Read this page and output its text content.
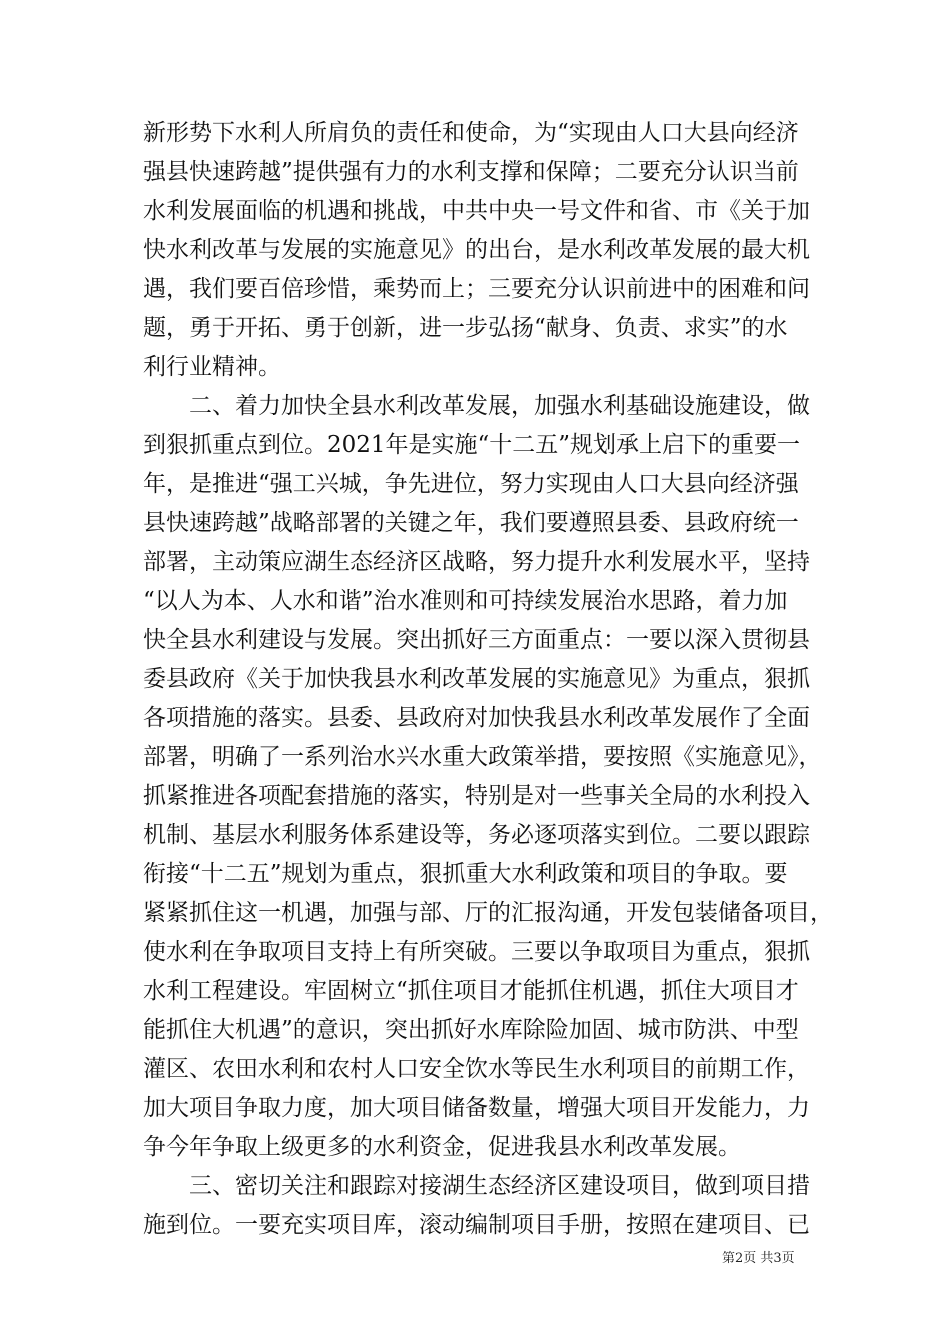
新形势下水利人所肩负的责任和使命，为“实现由人口大县向经济
强县快速跨越”提供强有力的水利支撑和保障；二要充分认识当前
水利发展面临的机遇和挑战，中共中央一号文件和省、市《关于加
快水利改革与发展的实施意见》的出台，是水利改革发展的最大机
遇，我们要百倍珍惜，乘势而上；三要充分认识前进中的困难和问
题，勇于开拓、勇于创新，进一步弘扬“献身、负责、求实”的水
利行业精神。
　　二、着力加快全县水利改革发展，加强水利基础设施建设，做
到狠抓重点到位。2021年是实施“十二五”规划承上启下的重要一
年，是推进“强工兴城，争先进位，努力实现由人口大县向经济强
县快速跨越”战略部署的关键之年，我们要遵照县委、县政府统一
部署，主动策应湖生态经济区战略，努力提升水利发展水平，坚持
“以人为本、人水和谐”治水准则和可持续发展治水思路，着力加
快全县水利建设与发展。突出抓好三方面重点：一要以深入贯彻县
委县政府《关于加快我县水利改革发展的实施意见》为重点，狠抓
各项措施的落实。县委、县政府对加快我县水利改革发展作了全面
部署，明确了一系列治水兴水重大政策举措，要按照《实施意见》，
抓紧推进各项配套措施的落实，特别是对一些事关全局的水利投入
机制、基层水利服务体系建设等，务必逐项落实到位。二要以跟踪
衔接“十二五”规划为重点，狠抓重大水利政策和项目的争取。要
紧紧抓住这一机遇，加强与部、厅的汇报沟通，开发包装储备项目，
使水利在争取项目支持上有所突破。三要以争取项目为重点，狠抓
水利工程建设。牢固树立“抓住项目才能抓住机遇，抓住大项目才
能抓住大机遇”的意识，突出抓好水库除险加固、城市防洪、中型
灌区、农田水利和农村人口安全饮水等民生水利项目的前期工作，
加大项目争取力度，加大项目储备数量，增强大项目开发能力，力
争今年争取上级更多的水利资金，促进我县水利改革发展。
　　三、密切关注和跟踪对接湖生态经济区建设项目，做到项目措
施到位。一要充实项目库，滚动编制项目手册，按照在建项目、已
第2页 共3页
